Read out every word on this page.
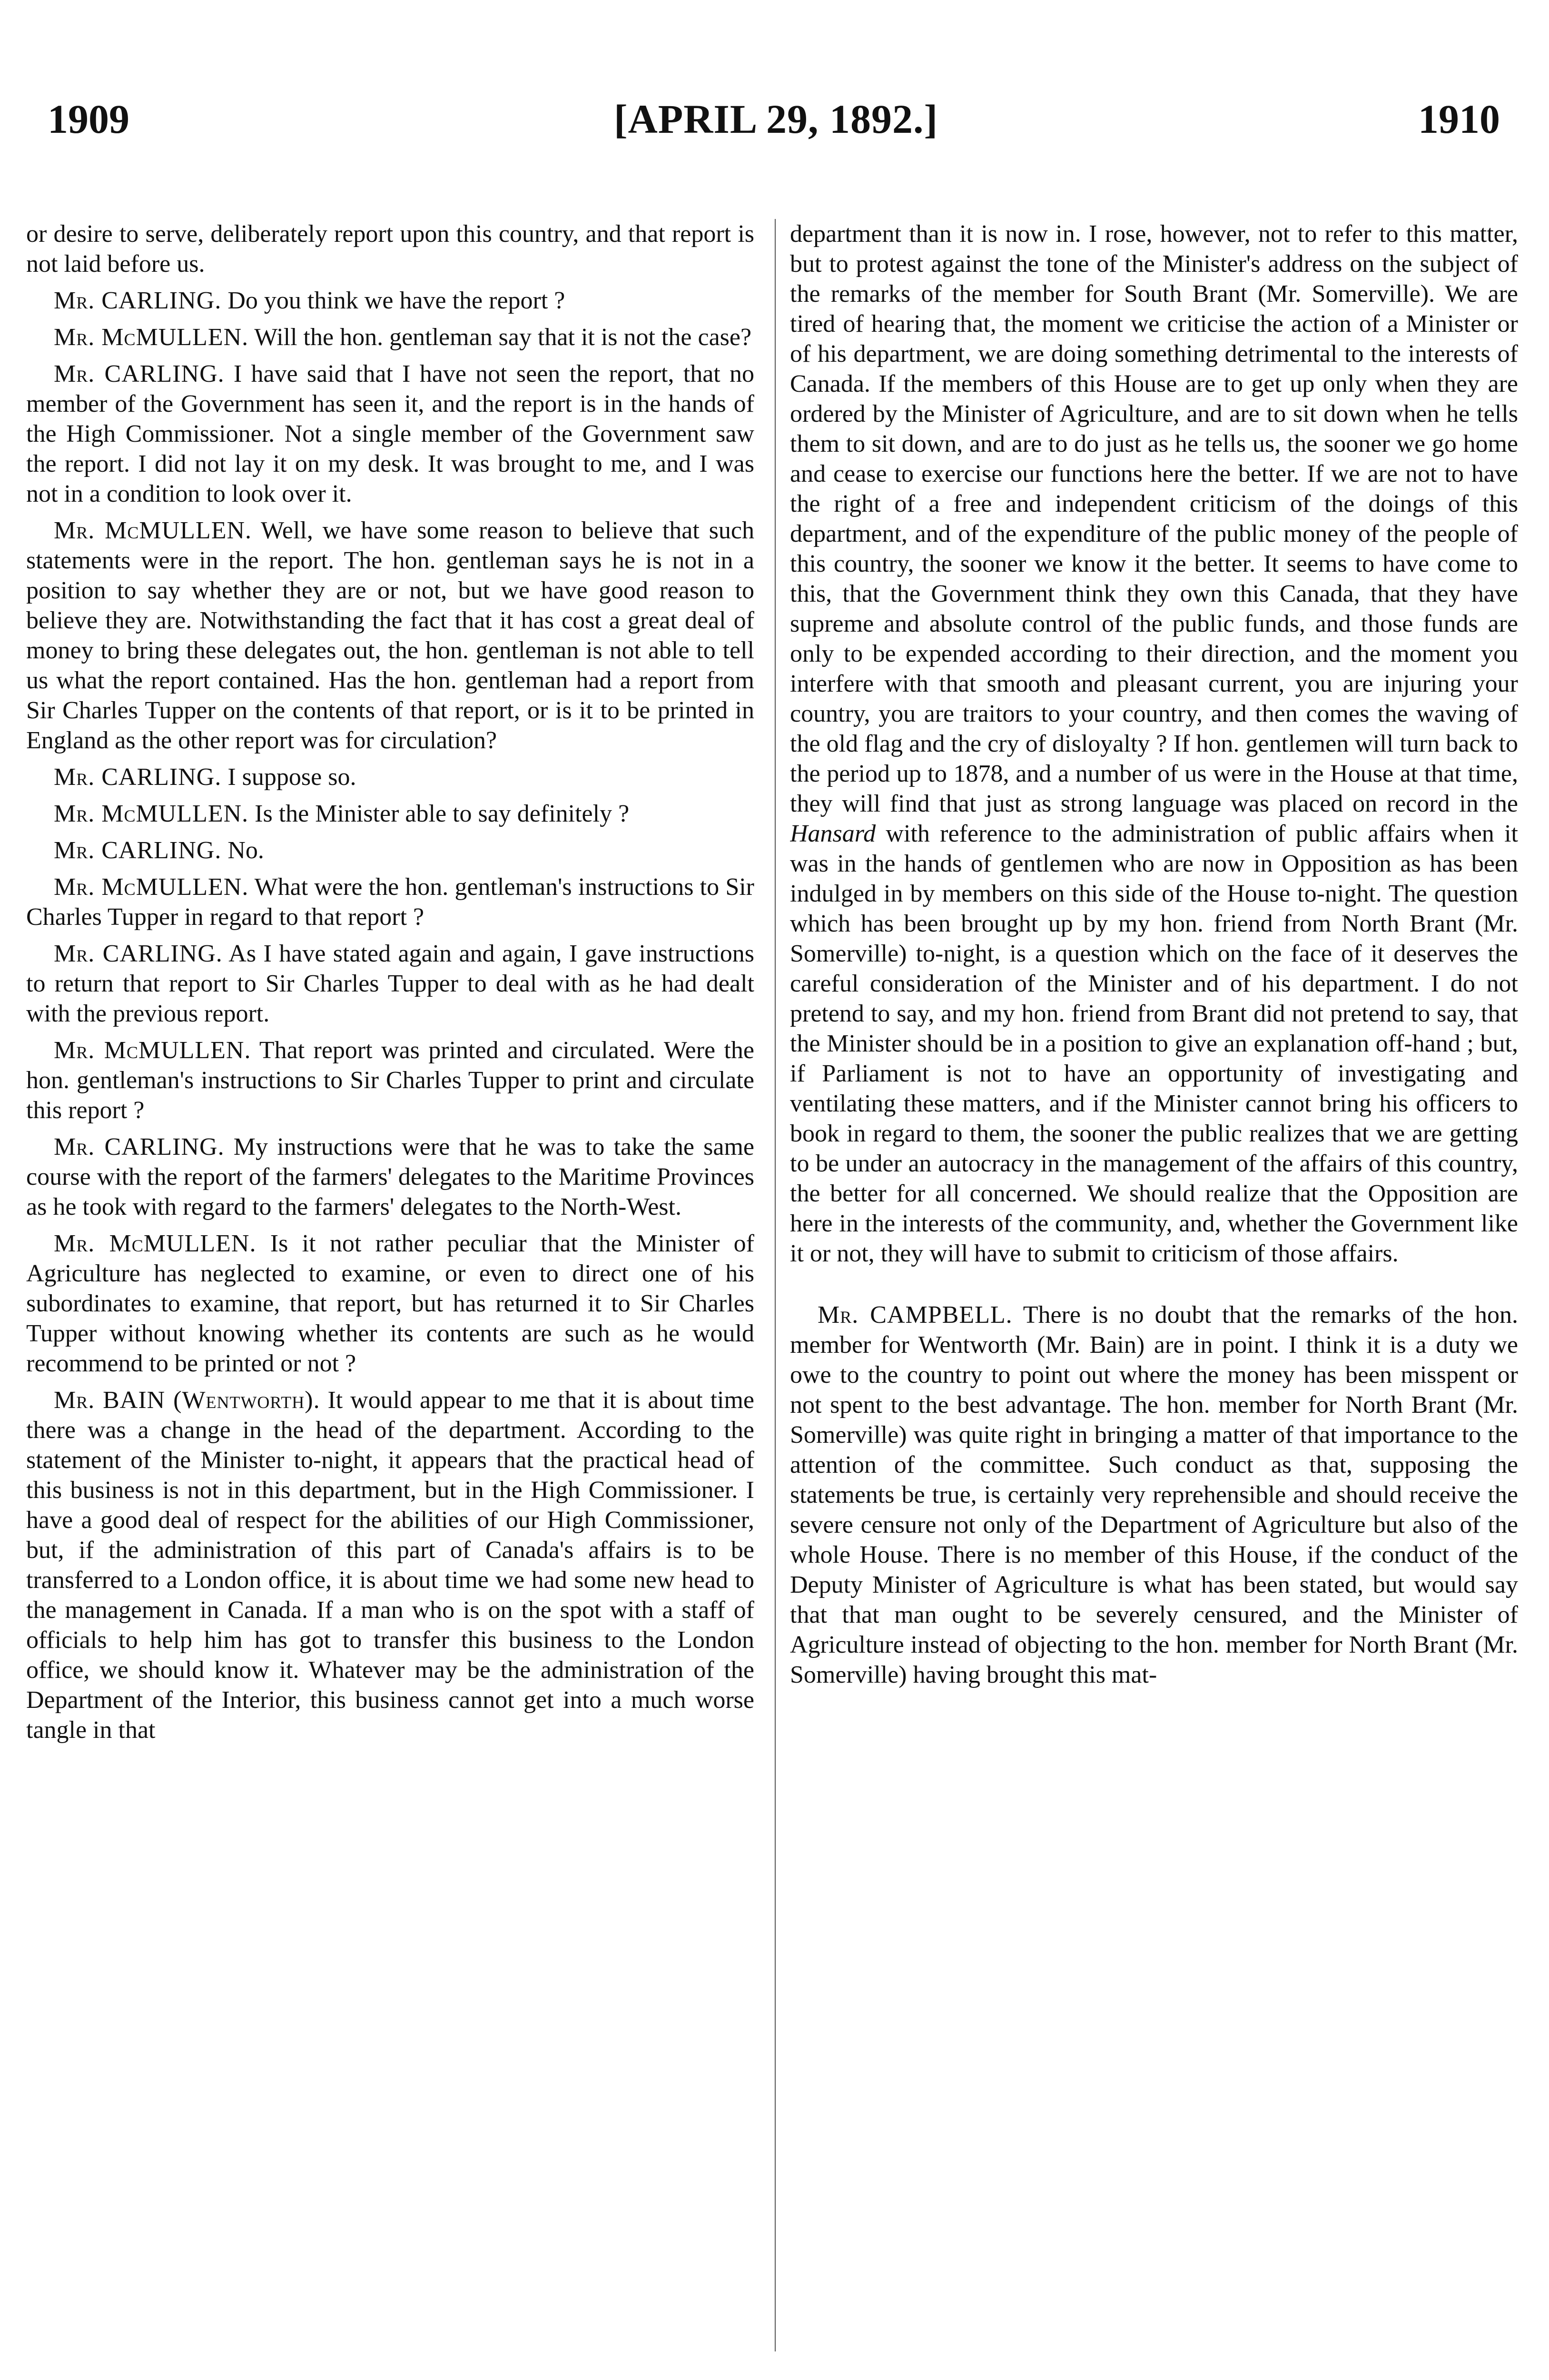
1909	[APRIL 29, 1892.]	1910

or desire to serve, deliberately report upon this country, and that report is not laid before us.

Mr. CARLING. Do you think we have the report ?

Mr. McMULLEN. Will the hon. gentleman say that it is not the case?

Mr. CARLING. I have said that I have not seen the report, that no member of the Government has seen it, and the report is in the hands of the High Commissioner. Not a single member of the Government saw the report. I did not lay it on my desk. It was brought to me, and I was not in a condition to look over it.

Mr. McMULLEN. Well, we have some reason to believe that such statements were in the report. The hon. gentleman says he is not in a position to say whether they are or not, but we have good reason to believe they are. Notwithstanding the fact that it has cost a great deal of money to bring these delegates out, the hon. gentleman is not able to tell us what the report contained. Has the hon. gentleman had a report from Sir Charles Tupper on the contents of that report, or is it to be printed in England as the other report was for circulation?

Mr. CARLING. I suppose so.

Mr. McMULLEN. Is the Minister able to say definitely ?

Mr. CARLING. No.

Mr. McMULLEN. What were the hon. gentleman's instructions to Sir Charles Tupper in regard to that report ?

Mr. CARLING. As I have stated again and again, I gave instructions to return that report to Sir Charles Tupper to deal with as he had dealt with the previous report.

Mr. McMULLEN. That report was printed and circulated. Were the hon. gentleman's instructions to Sir Charles Tupper to print and circulate this report ?

Mr. CARLING. My instructions were that he was to take the same course with the report of the farmers' delegates to the Maritime Provinces as he took with regard to the farmers' delegates to the North-West.

Mr. McMULLEN. Is it not rather peculiar that the Minister of Agriculture has neglected to examine, or even to direct one of his subordinates to examine, that report, but has returned it to Sir Charles Tupper without knowing whether its contents are such as he would recommend to be printed or not ?

Mr. BAIN (Wentworth). It would appear to me that it is about time there was a change in the head of the department. According to the statement of the Minister to-night, it appears that the practical head of this business is not in this department, but in the High Commissioner. I have a good deal of respect for the abilities of our High Commissioner, but, if the administration of this part of Canada's affairs is to be transferred to a London office, it is about time we had some new head to the management in Canada. If a man who is on the spot with a staff of officials to help him has got to transfer this business to the London office, we should know it. Whatever may be the administration of the Department of the Interior, this business cannot get into a much worse tangle in that

department than it is now in. I rose, however, not to refer to this matter, but to protest against the tone of the Minister's address on the subject of the remarks of the member for South Brant (Mr. Somerville). We are tired of hearing that, the moment we criticise the action of a Minister or of his department, we are doing something detrimental to the interests of Canada. If the members of this House are to get up only when they are ordered by the Minister of Agriculture, and are to sit down when he tells them to sit down, and are to do just as he tells us, the sooner we go home and cease to exercise our functions here the better. If we are not to have the right of a free and independent criticism of the doings of this department, and of the expenditure of the public money of the people of this country, the sooner we know it the better. It seems to have come to this, that the Government think they own this Canada, that they have supreme and absolute control of the public funds, and those funds are only to be expended according to their direction, and the moment you interfere with that smooth and pleasant current, you are injuring your country, you are traitors to your country, and then comes the waving of the old flag and the cry of disloyalty ? If hon. gentlemen will turn back to the period up to 1878, and a number of us were in the House at that time, they will find that just as strong language was placed on record in the Hansard with reference to the administration of public affairs when it was in the hands of gentlemen who are now in Opposition as has been indulged in by members on this side of the House to-night. The question which has been brought up by my hon. friend from North Brant (Mr. Somerville) to-night, is a question which on the face of it deserves the careful consideration of the Minister and of his department. I do not pretend to say, and my hon. friend from Brant did not pretend to say, that the Minister should be in a position to give an explanation off-hand ; but, if Parliament is not to have an opportunity of investigating and ventilating these matters, and if the Minister cannot bring his officers to book in regard to them, the sooner the public realizes that we are getting to be under an autocracy in the management of the affairs of this country, the better for all concerned. We should realize that the Opposition are here in the interests of the community, and, whether the Government like it or not, they will have to submit to criticism of those affairs.

Mr. CAMPBELL. There is no doubt that the remarks of the hon. member for Wentworth (Mr. Bain) are in point. I think it is a duty we owe to the country to point out where the money has been misspent or not spent to the best advantage. The hon. member for North Brant (Mr. Somerville) was quite right in bringing a matter of that importance to the attention of the committee. Such conduct as that, supposing the statements be true, is certainly very reprehensible and should receive the severe censure not only of the Department of Agriculture but also of the whole House. There is no member of this House, if the conduct of the Deputy Minister of Agriculture is what has been stated, but would say that that man ought to be severely censured, and the Minister of Agriculture instead of objecting to the hon. member for North Brant (Mr. Somerville) having brought this mat-
